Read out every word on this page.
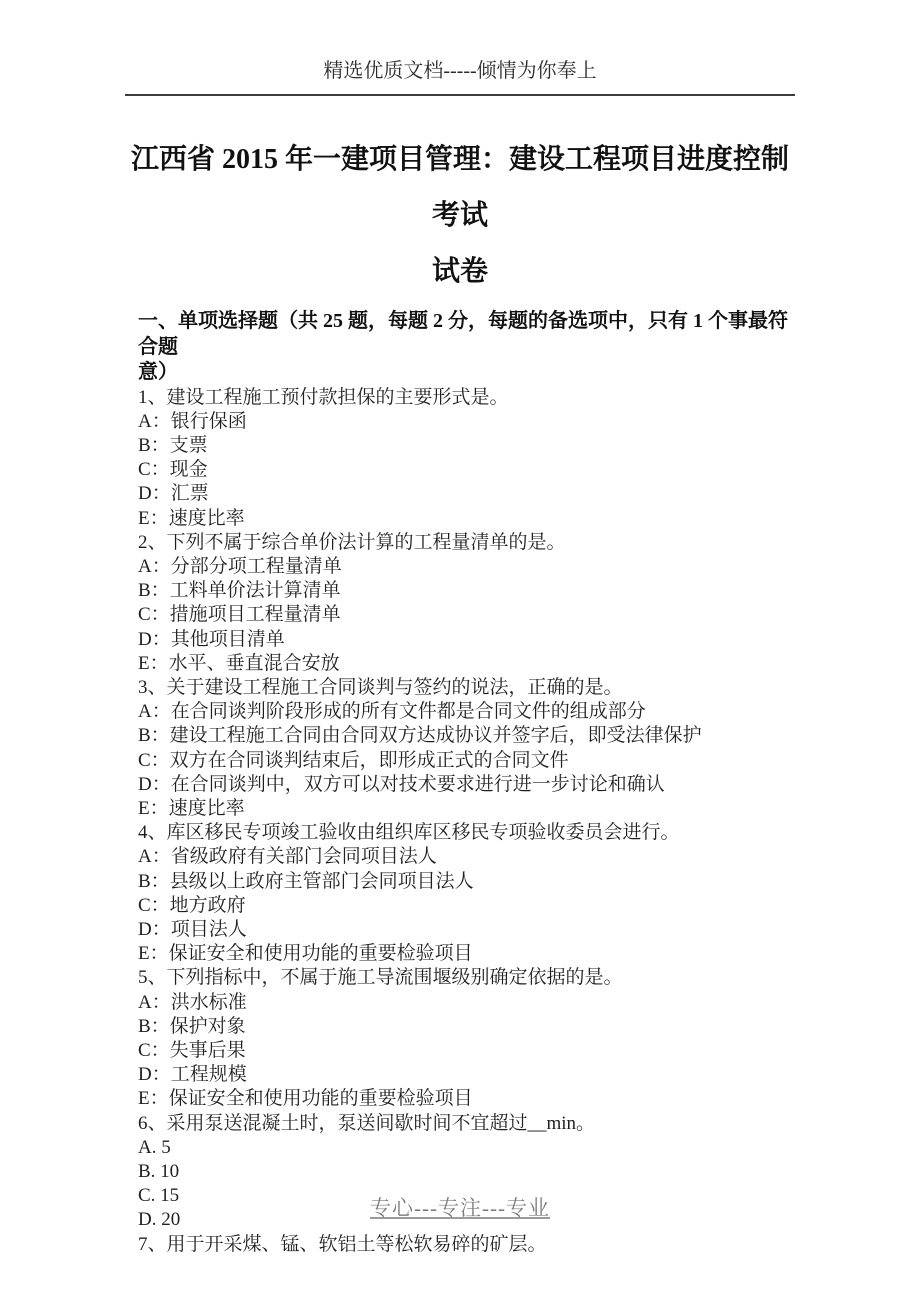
精选优质文档-----倾情为你奉上
江西省 2015 年一建项目管理：建设工程项目进度控制考试
试卷
一、单项选择题（共 25 题，每题 2 分，每题的备选项中，只有 1 个事最符合题
意）
1、建设工程施工预付款担保的主要形式是。
A：银行保函
B：支票
C：现金
D：汇票
E：速度比率
2、下列不属于综合单价法计算的工程量清单的是。
A：分部分项工程量清单
B：工料单价法计算清单
C：措施项目工程量清单
D：其他项目清单
E：水平、垂直混合安放
3、关于建设工程施工合同谈判与签约的说法，正确的是。
A：在合同谈判阶段形成的所有文件都是合同文件的组成部分
B：建设工程施工合同由合同双方达成协议并签字后，即受法律保护
C：双方在合同谈判结束后，即形成正式的合同文件
D：在合同谈判中，双方可以对技术要求进行进一步讨论和确认
E：速度比率
4、库区移民专项竣工验收由组织库区移民专项验收委员会进行。
A：省级政府有关部门会同项目法人
B：县级以上政府主管部门会同项目法人
C：地方政府
D：项目法人
E：保证安全和使用功能的重要检验项目
5、下列指标中，不属于施工导流围堰级别确定依据的是。
A：洪水标准
B：保护对象
C：失事后果
D：工程规模
E：保证安全和使用功能的重要检验项目
6、采用泵送混凝土时，泵送间歇时间不宜超过__min。
A. 5
B. 10
C. 15
D. 20
7、用于开采煤、锰、软铝土等松软易碎的矿层。
专心---专注---专业
